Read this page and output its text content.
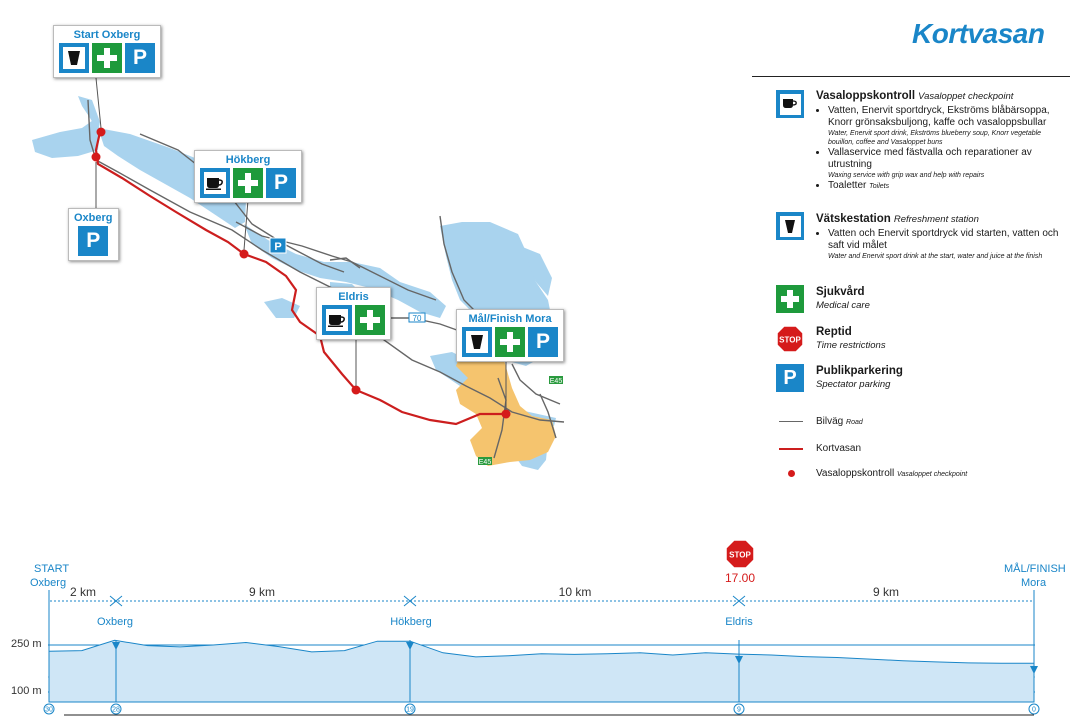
Kortvasan
70
E45
E45
P
Start Oxberg
P
Oxberg
P
Hökberg
P
Eldris
Mål/Finish Mora
P
Vasaloppskontroll Vasaloppet checkpoint
• Vatten, Enervit sportdryck, Ekströms blåbärsoppa, Knorr grönsaksbuljong, kaffe och vasaloppsbullar
Water, Enervit sport drink, Ekströms blueberry soup, Knorr vegetable bouillon, coffee and Vasaloppet buns
• Vallaservice med fästvalla och reparationer av utrustning
Waxing service with grip wax and help with repairs
• Toaletter Toilets
Vätskestation Refreshment station
• Vatten och Enervit sportdryck vid starten, vatten och saft vid målet
Water and Enervit sport drink at the start, water and juice at the finish
Sjukvård
Medical care
STOP
Reptid
Time restrictions
P	Publikparkering
Spectator parking
Bilväg Road
Kortvasan
Vasaloppskontroll Vasaloppet checkpoint
START
Oxberg
MÅL/FINISH
Mora
STOP
17.00
250 m
100 m
2 km	9 km	10 km	9 km
Oxberg	Hökberg	Eldris
30	28	19	9	0
